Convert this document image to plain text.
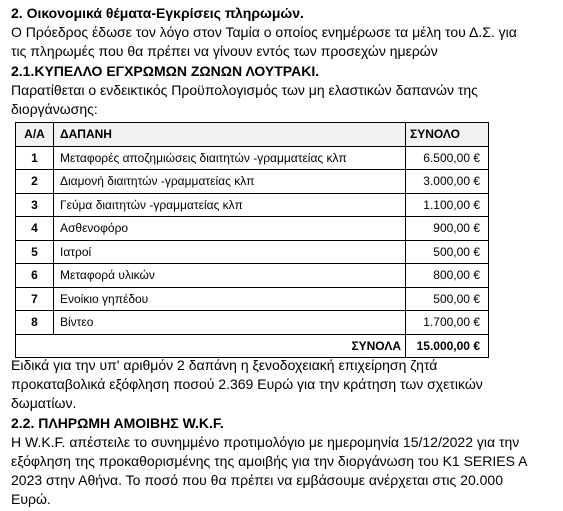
2. Οικονομικά θέματα-Εγκρίσεις πληρωμών.
Ο Πρόεδρος έδωσε τον λόγο στον Ταμία ο οποίος ενημέρωσε τα μέλη του Δ.Σ. για
τις πληρωμές που θα πρέπει να γίνουν εντός των προσεχών ημερών
2.1.ΚΥΠΕΛΛΟ ΕΓΧΡΩΜΩΝ ΖΩΝΩΝ ΛΟΥΤΡΑΚΙ.
Παρατίθεται ο ενδεικτικός Προϋπολογισμός των μη ελαστικών δαπανών της
διοργάνωσης:
Α/Α	ΔΑΠΑΝΗ	ΣΥΝΟΛΟ
1	Μεταφορές αποζημιώσεις διαιτητών -γραμματείας κλπ	6.500,00 €
2	Διαμονή διαιτητών -γραμματείας κλπ	3.000,00 €
3	Γεύμα διαιτητών -γραμματείας κλπ	1.100,00 €
4	Ασθενοφόρο	900,00 €
5	Ιατροί	500,00 €
6	Μεταφορά υλικών	800,00 €
7	Ενοίκιο γηπέδου	500,00 €
8	Βίντεο	1.700,00 €
ΣΥΝΟΛΑ		15.000,00 €
Ειδικά για την υπ' αριθμόν 2 δαπάνη η ξενοδοχειακή επιχείρηση ζητά
προκαταβολικά εξόφληση ποσού 2.369 Ευρώ για την κράτηση των σχετικών
δωματίων.
2.2. ΠΛΗΡΩΜΗ ΑΜΟΙΒΗΣ W.K.F.
Η W.K.F. απέστειλε το συνημμένο προτιμολόγιο με ημερομηνία 15/12/2022 για την
εξόφληση της προκαθορισμένης της αμοιβής για την διοργάνωση του K1 SERIES A
2023 στην Αθήνα. Το ποσό που θα πρέπει να εμβάσουμε ανέρχεται στις 20.000
Ευρώ.
